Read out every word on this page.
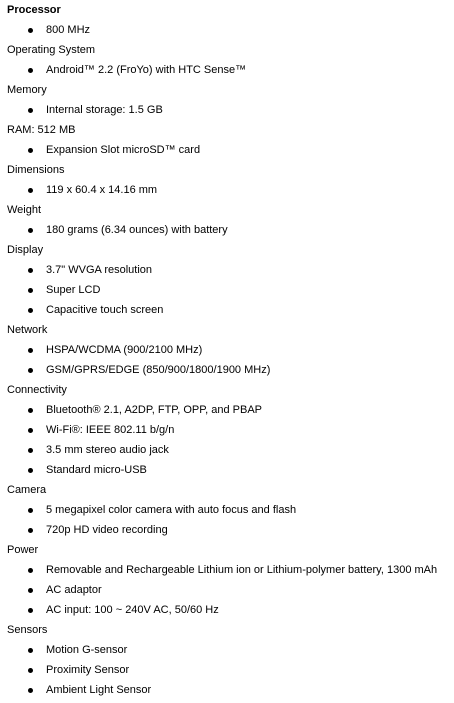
Processor
800 MHz
Operating System
Android™ 2.2 (FroYo) with HTC Sense™
Memory
Internal storage: 1.5 GB
RAM: 512 MB
Expansion Slot microSD™ card
Dimensions
119 x 60.4 x 14.16 mm
Weight
180 grams (6.34 ounces) with battery
Display
3.7" WVGA resolution
Super LCD
Capacitive touch screen
Network
HSPA/WCDMA (900/2100 MHz)
GSM/GPRS/EDGE (850/900/1800/1900 MHz)
Connectivity
Bluetooth® 2.1, A2DP, FTP, OPP, and PBAP
Wi-Fi®: IEEE 802.11 b/g/n
3.5 mm stereo audio jack
Standard micro-USB
Camera
5 megapixel color camera with auto focus and flash
720p HD video recording
Power
Removable and Rechargeable Lithium ion or Lithium-polymer battery, 1300 mAh
AC adaptor
AC input: 100 ~ 240V AC, 50/60 Hz
Sensors
Motion G-sensor
Proximity Sensor
Ambient Light Sensor
